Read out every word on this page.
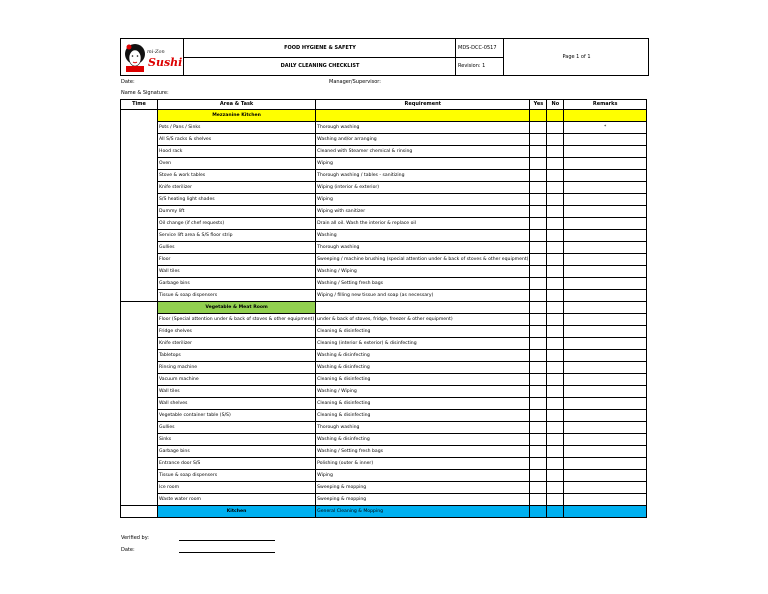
mi-Zon
Sushi
FOOD HYGIENE & SAFETY
DAILY CLEANING CHECKLIST
MDS-DCC-0517
Revision: 1
Page 1 of 1
Date:	Manager/Supervisor:
Name & Signature:
Time	Area & Task	Requirement	Yes	No	Remarks
	Mezzanine Kitchen				
	Pots / Pans / Sinks	Thorough washing			*
	All S/S racks & shelves	Washing and/or arranging			
	Hood rack	Cleaned with Steamer chemical & rinsing			
	Oven	Wiping			
	Stove & work tables	Thorough washing / tables - sanitizing			
	Knife sterilizer	Wiping (interior & exterior)			
	S/S heating light shades	Wiping			
	Dummy lift	Wiping with sanitizer			
	Oil change (if chef requests)	Drain all oil. Wash the interior & replace oil			
	Service lift area & S/S floor strip	Washing			
	Gullies	Thorough washing			
	Floor	Sweeping / machine brushing (special attention under & back of stoves & other equipment)			
	Wall tiles	Washing / Wiping			
	Garbage bins	Washing / Setting fresh bags			
	Tissue & soap dispensers	Wiping / filling new tissue and soap (as necessary)			
	Vegetable & Meat Room				
	Floor (Special attention under & back of stoves & other equipment)	under & back of stoves, fridge, freezer & other equipment)			
	Fridge shelves	Cleaning & disinfecting			
	Knife sterilizer	Cleaning (interior & exterior) & disinfecting			
	Tabletops	Washing & disinfecting			
	Rinsing machine	Washing & disinfecting			
	Vacuum machine	Cleaning & disinfecting			
	Wall tiles	Washing / Wiping			
	Wall shelves	Cleaning & disinfecting			
	Vegetable container table (S/S)	Cleaning & disinfecting			
	Gullies	Thorough washing			
	Sinks	Washing & disinfecting			
	Garbage bins	Washing / Setting fresh bags			
	Entrance door S/S	Polishing (outer & inner)			
	Tissue & soap dispensers	Wiping			
	Ice room	Sweeping & mopping			
	Waste water room	Sweeping & mopping			
	Kitchen	General Cleaning & Mopping			
Verified by:
Date:
